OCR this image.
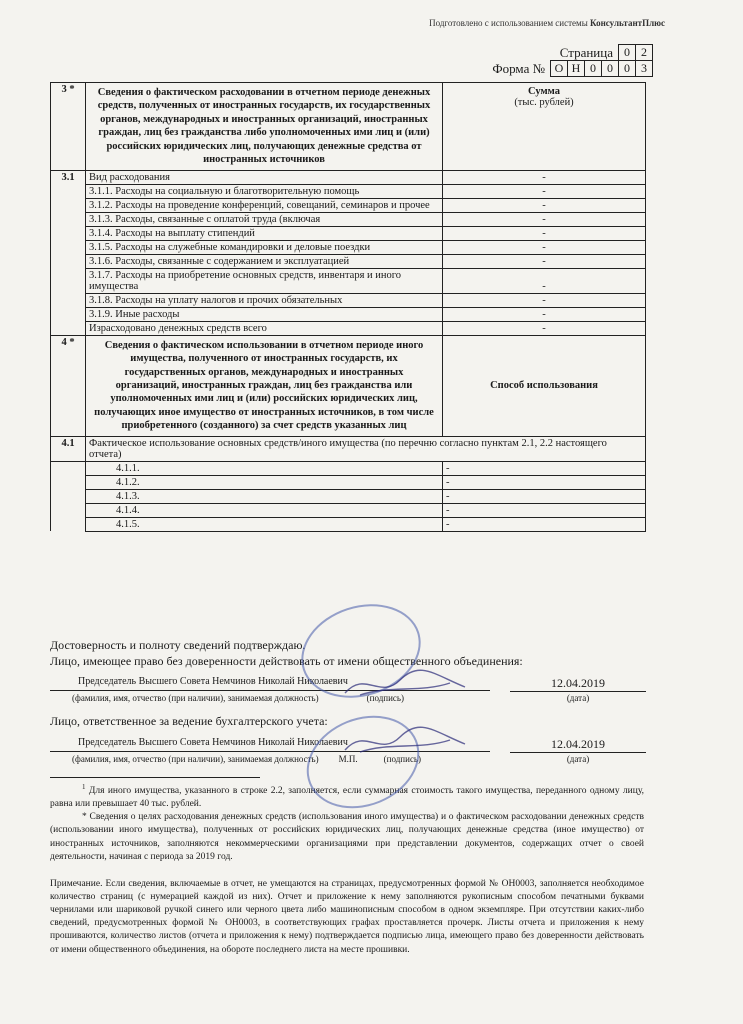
Подготовлено с использованием системы КонсультантПлюс
Страница 0 2
Форма № О Н 0 0 0 3
3 *	Сведения о фактическом расходовании в отчетном периоде денежных средств, полученных от иностранных государств, их государственных органов, международных и иностранных организаций, иностранных граждан, лиц без гражданства либо уполномоченных ими лиц и (или) российских юридических лиц, получающих денежные средства от иностранных источников	Сумма
(тыс. рублей)
3.1	Вид расходования	-
	3.1.1. Расходы на социальную и благотворительную помощь	-
	3.1.2. Расходы на проведение конференций, совещаний, семинаров и прочее	-
	3.1.3. Расходы, связанные с оплатой труда (включая	-
	3.1.4. Расходы на выплату стипендий	-
	3.1.5. Расходы на служебные командировки и деловые поездки	-
	3.1.6. Расходы, связанные с содержанием и эксплуатацией	-
	3.1.7. Расходы на приобретение основных средств, инвентаря и иного имущества	-
	3.1.8. Расходы на уплату налогов и прочих обязательных	-
	3.1.9. Иные расходы	-
	Израсходовано денежных средств всего	-
4 *	Сведения о фактическом использовании в отчетном периоде иного имущества, полученного от иностранных государств, их государственных органов, международных и иностранных организаций, иностранных граждан, лиц без гражданства или уполномоченных ими лиц и (или) российских юридических лиц, получающих иное имущество от иностранных источников, в том числе приобретенного (созданного) за счет средств указанных лиц	Способ использования
4.1	Фактическое использование основных средств/иного имущества (по перечню согласно пунктам 2.1, 2.2 настоящего отчета)	
	4.1.1.	-
	4.1.2.	-
	4.1.3.	-
	4.1.4.	-
	4.1.5.	-
Достоверность и полноту сведений подтверждаю.
Лицо, имеющее право без доверенности действовать от имени общественного объединения:
Председатель Высшего Совета Немчинов Николай Николаевич	12.04.2019
(фамилия, имя, отчество (при наличии), занимаемая должность)	(подпись)	(дата)
Лицо, ответственное за ведение бухгалтерского учета:
Председатель Высшего Совета Немчинов Николай Николаевич	12.04.2019
(фамилия, имя, отчество (при наличии), занимаемая должность) М.П.	(подпись)	(дата)

$^1$ Для иного имущества, указанного в строке 2.2, заполняется, если суммарная стоимость такого имущества, переданного одному лицу, равна или превышает 40 тыс. рублей.

* Сведения о целях расходования денежных средств (использования иного имущества) и о фактическом расходовании денежных средств (использовании иного имущества), полученных от российских юридических лиц, получающих денежные средства (иное имущество) от иностранных источников, заполняются некоммерческими организациями при представлении документов, содержащих отчет о своей деятельности, начиная с периода за 2019 год.

Примечание. Если сведения, включаемые в отчет, не умещаются на страницах, предусмотренных формой № ОН0003, заполняется необходимое количество страниц (с нумерацией каждой из них). Отчет и приложение к нему заполняются рукописным способом печатными буквами чернилами или шариковой ручкой синего или черного цвета либо машинописным способом в одном экземпляре. При отсутствии каких-либо сведений, предусмотренных формой № ОН0003, в соответствующих графах проставляется прочерк. Листы отчета и приложения к нему прошиваются, количество листов (отчета и приложения к нему) подтверждается подписью лица, имеющего право без доверенности действовать от имени общественного объединения, на обороте последнего листа на месте прошивки.
